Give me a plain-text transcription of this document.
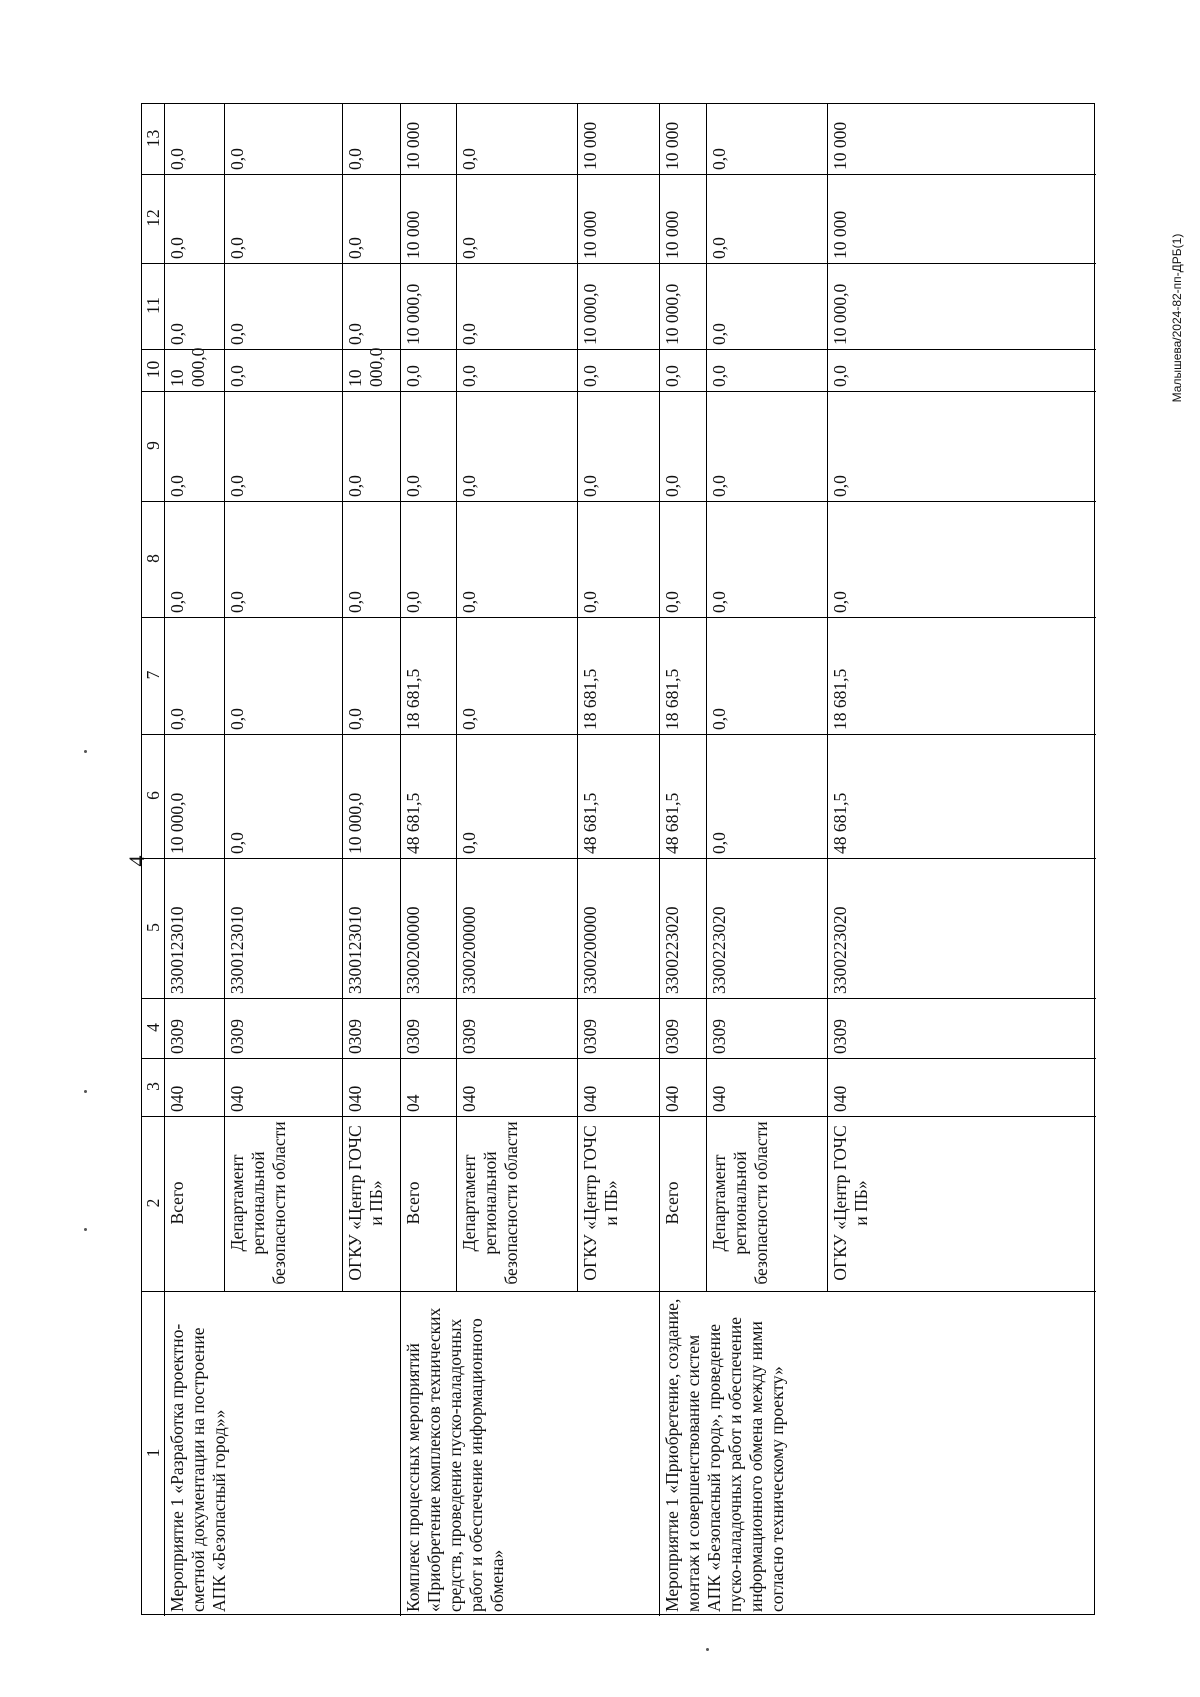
4
Малышева/2024-82-пп-ДРБ(1)
1
2
3
4
5
6
7
8
9
10
11
12
13
Мероприятие 1 «Разработка проектно-сметной документации на построение АПК «Безопасный город»»
Всего
040
0309
3300123010
10 000,0
0,0
0,0
0,0
10 000,0
0,0
0,0
0,0
Департамент региональной безопасности области
040
0309
3300123010
0,0
0,0
0,0
0,0
0,0
0,0
0,0
0,0
ОГКУ «Центр ГОЧС и ПБ»
040
0309
3300123010
10 000,0
0,0
0,0
0,0
10 000,0
0,0
0,0
0,0
Комплекс процессных мероприятий «Приобретение комплексов технических средств, проведение пуско-наладочных работ и обеспечение информационного обмена»
Всего
04
0309
3300200000
48 681,5
18 681,5
0,0
0,0
0,0
10 000,0
10 000
10 000
Департамент региональной безопасности области
040
0309
3300200000
0,0
0,0
0,0
0,0
0,0
0,0
0,0
0,0
ОГКУ «Центр ГОЧС и ПБ»
040
0309
3300200000
48 681,5
18 681,5
0,0
0,0
0,0
10 000,0
10 000
10 000
Мероприятие 1 «Приобретение, создание, монтаж и совершенствование систем АПК «Безопасный город», проведение пуско-наладочных работ и обеспечение информационного обмена между ними согласно техническому проекту»
Всего
040
0309
3300223020
48 681,5
18 681,5
0,0
0,0
0,0
10 000,0
10 000
10 000
Департамент региональной безопасности области
040
0309
3300223020
0,0
0,0
0,0
0,0
0,0
0,0
0,0
0,0
ОГКУ «Центр ГОЧС и ПБ»
040
0309
3300223020
48 681,5
18 681,5
0,0
0,0
0,0
10 000,0
10 000
10 000
